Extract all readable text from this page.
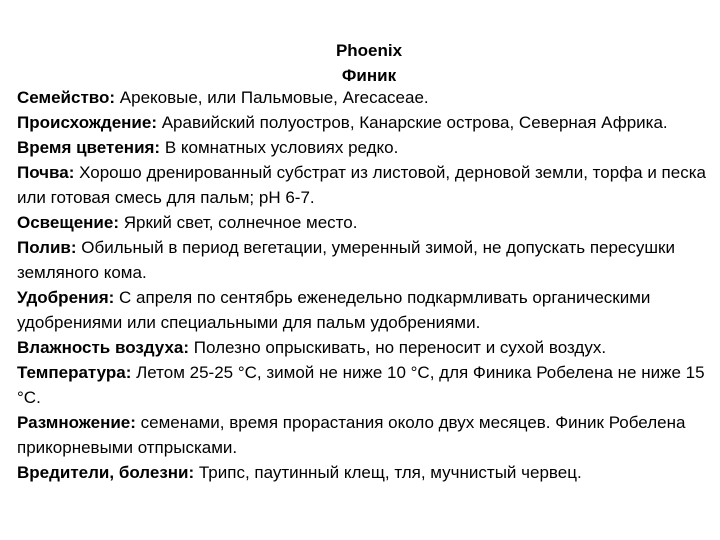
Phoenix
Финик

Семейство: Арековые, или Пальмовые, Arecaceae.

Происхождение: Аравийский полуостров, Канарские острова, Северная Африка.

Время цветения: В комнатных условиях редко.

Почва: Хорошо дренированный субстрат из листовой, дерновой земли, торфа и песка или готовая смесь для пальм; pH 6-7.

Освещение: Яркий свет, солнечное место.

Полив: Обильный в период вегетации, умеренный зимой, не допускать пересушки земляного кома.

Удобрения: С апреля по сентябрь еженедельно подкармливать органическими удобрениями или специальными для пальм удобрениями.

Влажность воздуха: Полезно опрыскивать, но переносит и сухой воздух.

Температура: Летом 25-25 °С, зимой не ниже 10 °С, для Финика Робелена не ниже 15 °С.

Размножение: семенами, время прорастания около двух месяцев. Финик Робелена прикорневыми отпрысками.

Вредители, болезни: Трипс, паутинный клещ, тля, мучнистый червец.
